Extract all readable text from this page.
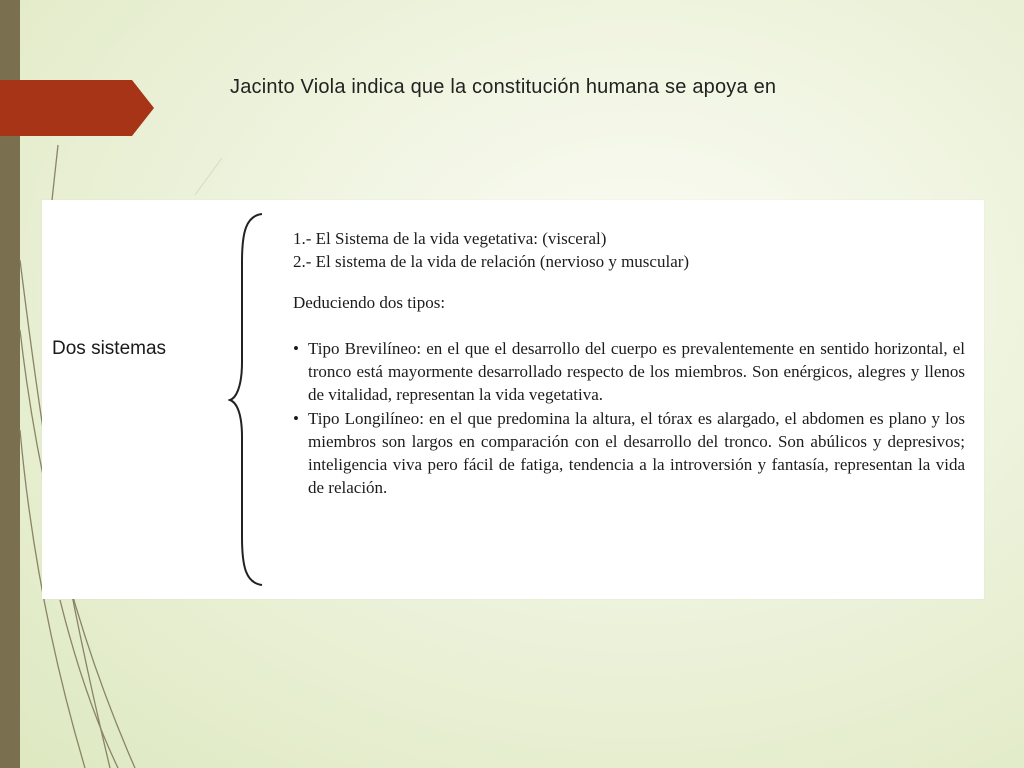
Jacinto Viola indica que la constitución humana se apoya en
Dos sistemas
1.- El Sistema de la vida vegetativa: (visceral)
2.- El sistema de la vida de relación (nervioso y muscular)
Deduciendo dos tipos:
• Tipo Brevilíneo: en el que el desarrollo del cuerpo es prevalentemente en sentido horizontal, el tronco está mayormente desarrollado respecto de los miembros. Son enérgicos, alegres y llenos de vitalidad, representan la vida vegetativa.
• Tipo Longilíneo: en el que predomina la altura, el tórax es alargado, el abdomen es plano y los miembros son largos en comparación con el desarrollo del tronco. Son abúlicos y depresivos; inteligencia viva pero fácil de fatiga, tendencia a la introversión y fantasía, representan la vida de relación.
